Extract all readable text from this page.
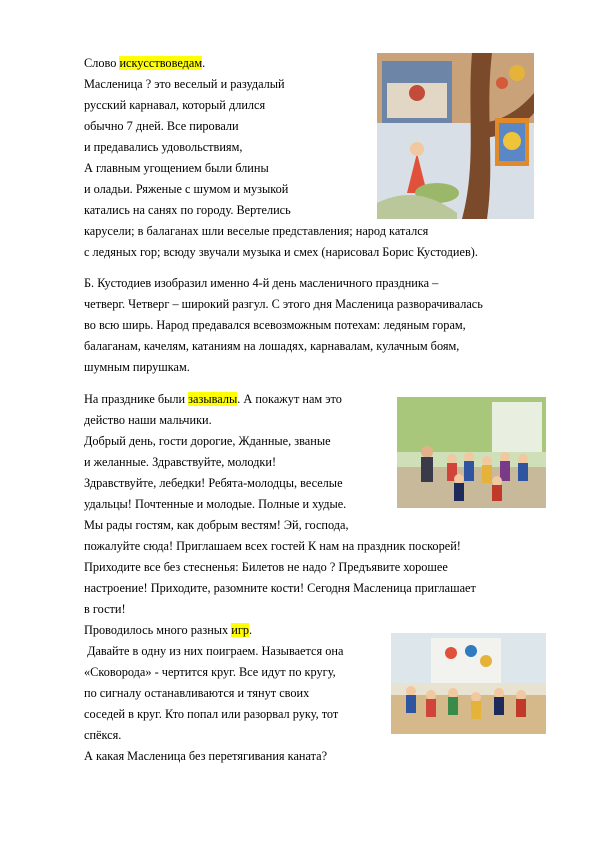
Слово искусствоведам.
Масленица ? это веселый и разудалый
русский карнавал, который длился
обычно 7 дней. Все пировали
и предавались удовольствиям,
А главным угощением были блины
и оладьи. Ряженые с шумом и музыкой
катались на санях по городу. Вертелись
карусели; в балаганах шли веселые представления; народ катался
с ледяных гор; всюду звучали музыка и смех (нарисовал Борис Кустодиев).
Б. Кустодиев изобразил именно 4-й день масленичного праздника –
четверг. Четверг – широкий разгул. С этого дня Масленица разворачивалась
во всю ширь. Народ предавался всевозможным потехам: ледяным горам,
балаганам, качелям, катаниям на лошадях, карнавалам, кулачным боям,
шумным пирушкам.
На празднике были зазывалы. А покажут нам это
действо наши мальчики.
Добрый день, гости дорогие, Жданные, званые
и желанные. Здравствуйте, молодки!
Здравствуйте, лебедки! Ребята-молодцы, веселые
удальцы! Почтенные и молодые. Полные и худые.
Мы рады гостям, как добрым вестям! Эй, господа,
пожалуйте сюда! Приглашаем всех гостей К нам на праздник поскорей!
Приходите все без стесненья: Билетов не надо ? Предъявите хорошее
настроение! Приходите, разомните кости! Сегодня Масленица приглашает
в гости!
Проводилось много разных игр.
Давайте в одну из них поиграем. Называется она
«Сковорода» - чертится круг. Все идут по кругу,
по сигналу останавливаются и тянут своих
соседей в круг. Кто попал или разорвал руку, тот
спёкся.
А какая Масленица без перетягивания каната?
